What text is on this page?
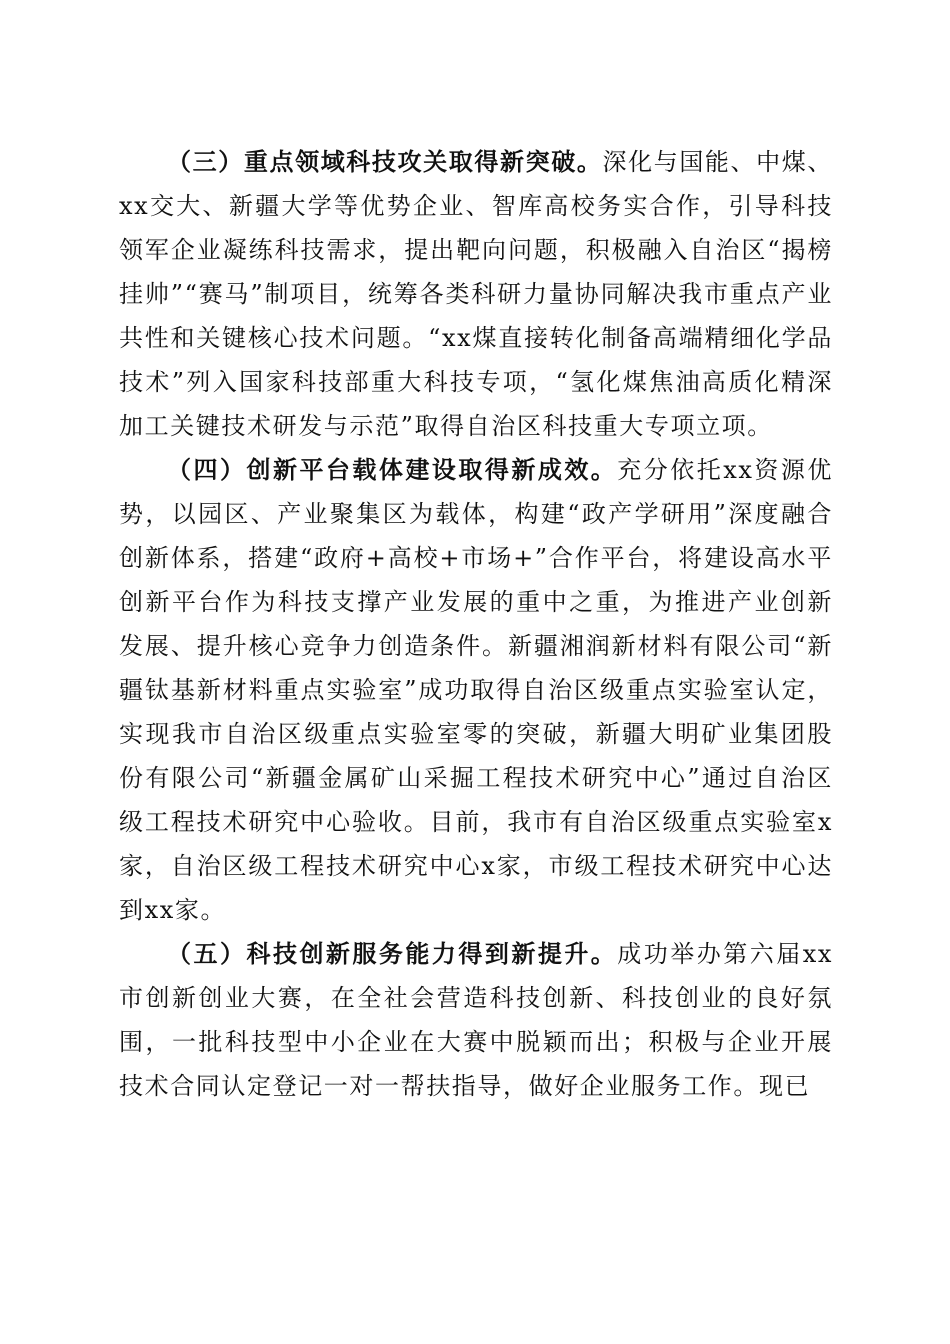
（三）重点领域科技攻关取得新突破。深化与国能、中煤、xx交大、新疆大学等优势企业、智库高校务实合作，引导科技领军企业凝练科技需求，提出靶向问题，积极融入自治区“揭榜挂帅”“赛马”制项目，统筹各类科研力量协同解决我市重点产业共性和关键核心技术问题。“xx煤直接转化制备高端精细化学品技术”列入国家科技部重大科技专项，“氢化煤焦油高质化精深加工关键技术研发与示范”取得自治区科技重大专项立项。

（四）创新平台载体建设取得新成效。充分依托xx资源优势，以园区、产业聚集区为载体，构建“政产学研用”深度融合创新体系，搭建“政府+高校+市场+”合作平台，将建设高水平创新平台作为科技支撑产业发展的重中之重，为推进产业创新发展、提升核心竞争力创造条件。新疆湘润新材料有限公司“新疆钛基新材料重点实验室”成功取得自治区级重点实验室认定，实现我市自治区级重点实验室零的突破，新疆大明矿业集团股份有限公司“新疆金属矿山采掘工程技术研究中心”通过自治区级工程技术研究中心验收。目前，我市有自治区级重点实验室x家，自治区级工程技术研究中心x家，市级工程技术研究中心达到xx家。

（五）科技创新服务能力得到新提升。成功举办第六届xx市创新创业大赛，在全社会营造科技创新、科技创业的良好氛围，一批科技型中小企业在大赛中脱颖而出；积极与企业开展技术合同认定登记一对一帮扶指导，做好企业服务工作。现已
